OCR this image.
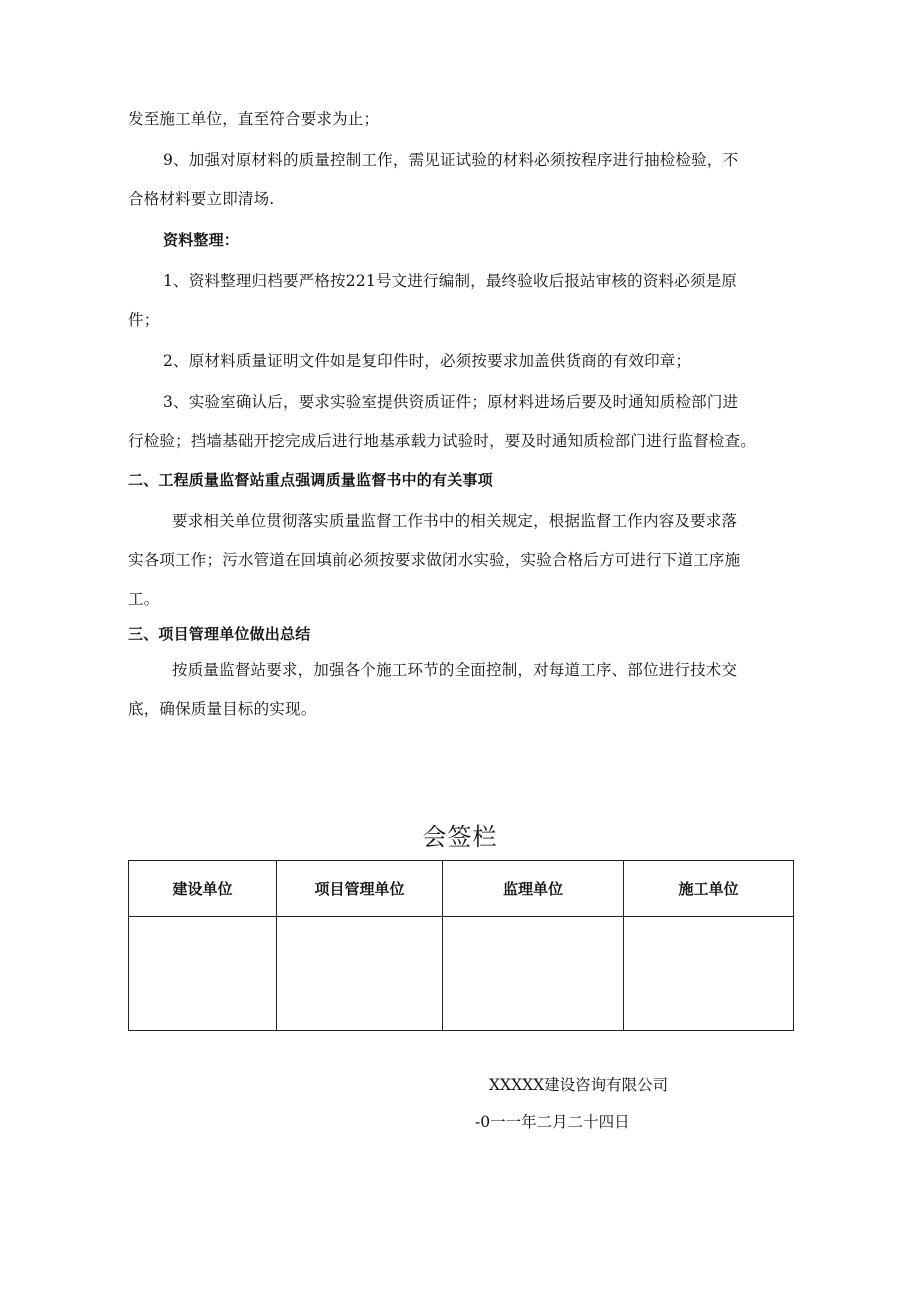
发至施工单位，直至符合要求为止；
9、加强对原材料的质量控制工作，需见证试验的材料必须按程序进行抽检检验，不
合格材料要立即清场.
资料整理：
1、资料整理归档要严格按221号文进行编制，最终验收后报站审核的资料必须是原
件；
2、原材料质量证明文件如是复印件时，必须按要求加盖供货商的有效印章；
3、实验室确认后，要求实验室提供资质证件；原材料进场后要及时通知质检部门进
行检验；挡墙基础开挖完成后进行地基承载力试验时，要及时通知质检部门进行监督检查。
二、工程质量监督站重点强调质量监督书中的有关事项
要求相关单位贯彻落实质量监督工作书中的相关规定，根据监督工作内容及要求落
实各项工作；污水管道在回填前必须按要求做闭水实验，实验合格后方可进行下道工序施
工。
三、项目管理单位做出总结
按质量监督站要求，加强各个施工环节的全面控制，对每道工序、部位进行技术交
底，确保质量目标的实现。
会签栏
建设单位	项目管理单位	监理单位	施工单位

XXXXX建设咨询有限公司
-0一一年二月二十四日
